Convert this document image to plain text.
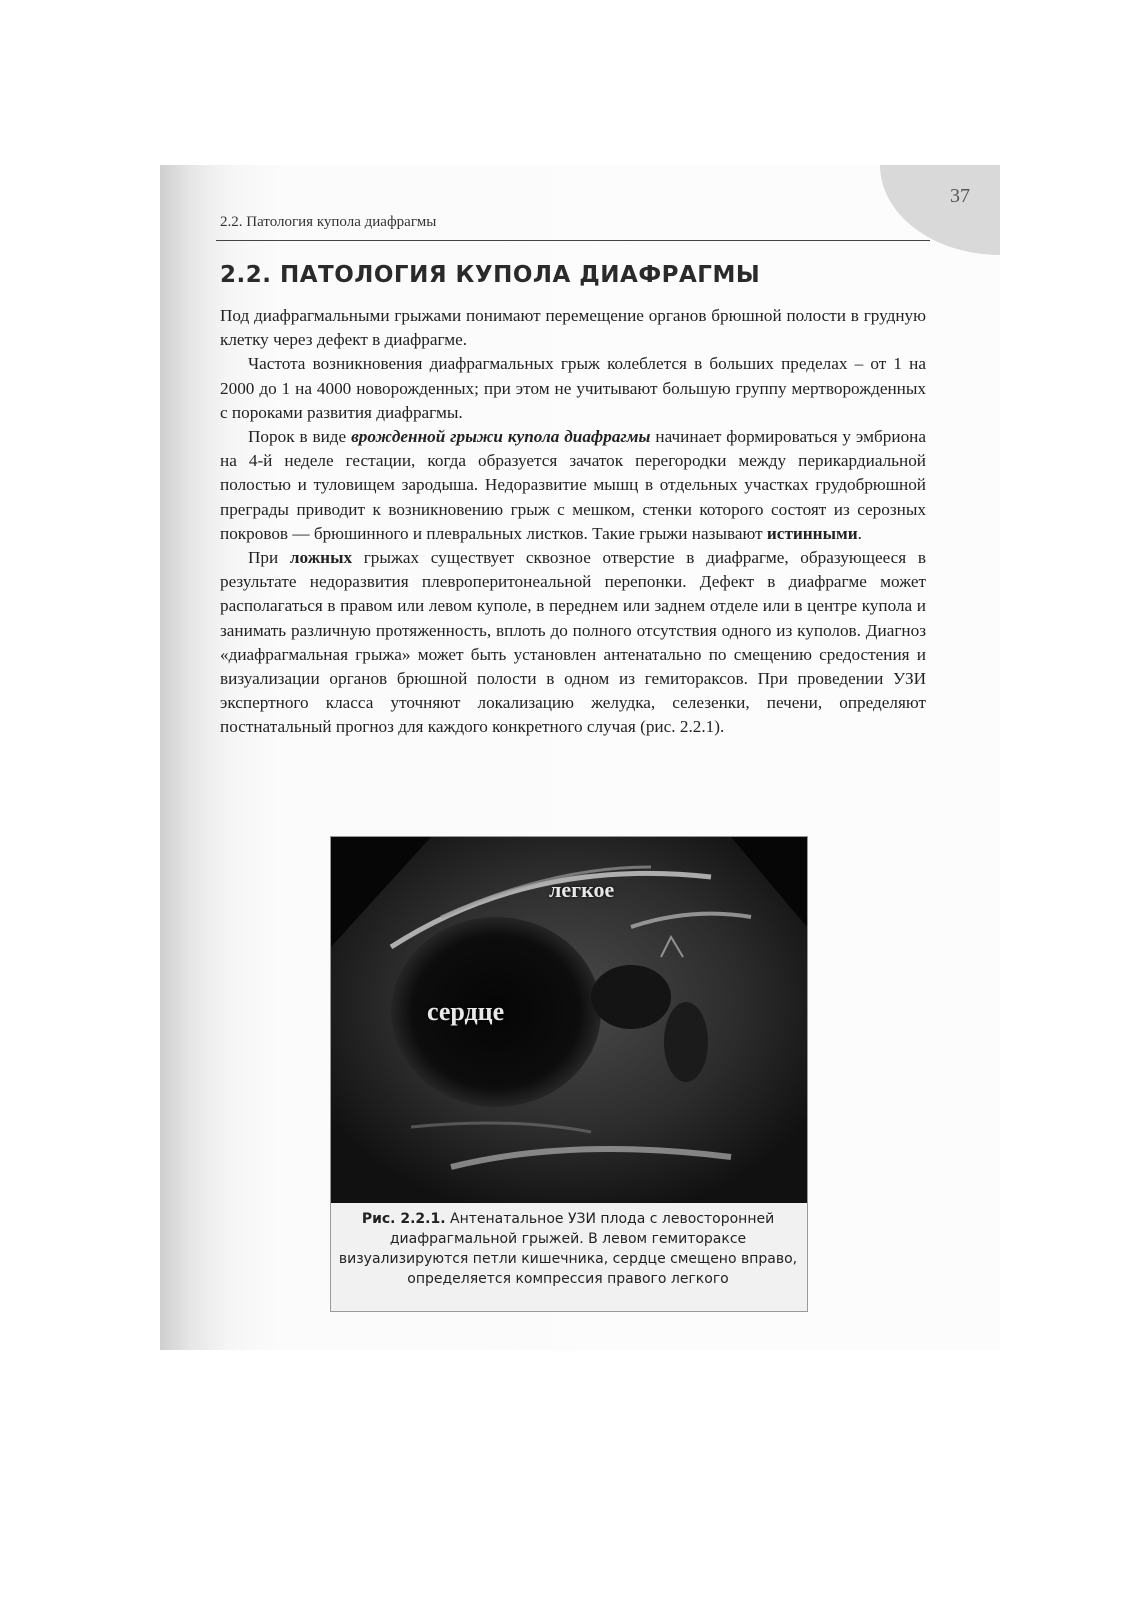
37
2.2. Патология купола диафрагмы
2.2. ПАТОЛОГИЯ КУПОЛА ДИАФРАГМЫ

Под диафрагмальными грыжами понимают перемещение органов брюшной полости в грудную клетку через дефект в диафрагме.

Частота возникновения диафрагмальных грыж колеблется в больших пределах – от 1 на 2000 до 1 на 4000 новорожденных; при этом не учитывают большую группу мертворожденных с пороками развития диафрагмы.

Порок в виде врожденной грыжи купола диафрагмы начинает формироваться у эмбриона на 4-й неделе гестации, когда образуется зачаток перегородки между перикардиальной полостью и туловищем зародыша. Недоразвитие мышц в отдельных участках грудобрюшной преграды приводит к возникновению грыж с мешком, стенки которого состоят из серозных покровов — брюшинного и плевральных листков. Такие грыжи называют истинными.

При ложных грыжах существует сквозное отверстие в диафрагме, образующееся в результате недоразвития плевроперитонеальной перепонки. Дефект в диафрагме может располагаться в правом или левом куполе, в переднем или заднем отделе или в центре купола и занимать различную протяженность, вплоть до полного отсутствия одного из куполов. Диагноз «диафрагмальная грыжа» может быть установлен антенатально по смещению средостения и визуализации органов брюшной полости в одном из гемитораксов. При проведении УЗИ экспертного класса уточняют локализацию желудка, селезенки, печени, определяют постнатальный прогноз для каждого конкретного случая (рис. 2.2.1).

легкое
сердце
Рис. 2.2.1. Антенатальное УЗИ плода с левосторонней диафрагмальной грыжей. В левом гемитораксе визуализируются петли кишечника, сердце смещено вправо, определяется компрессия правого легкого
